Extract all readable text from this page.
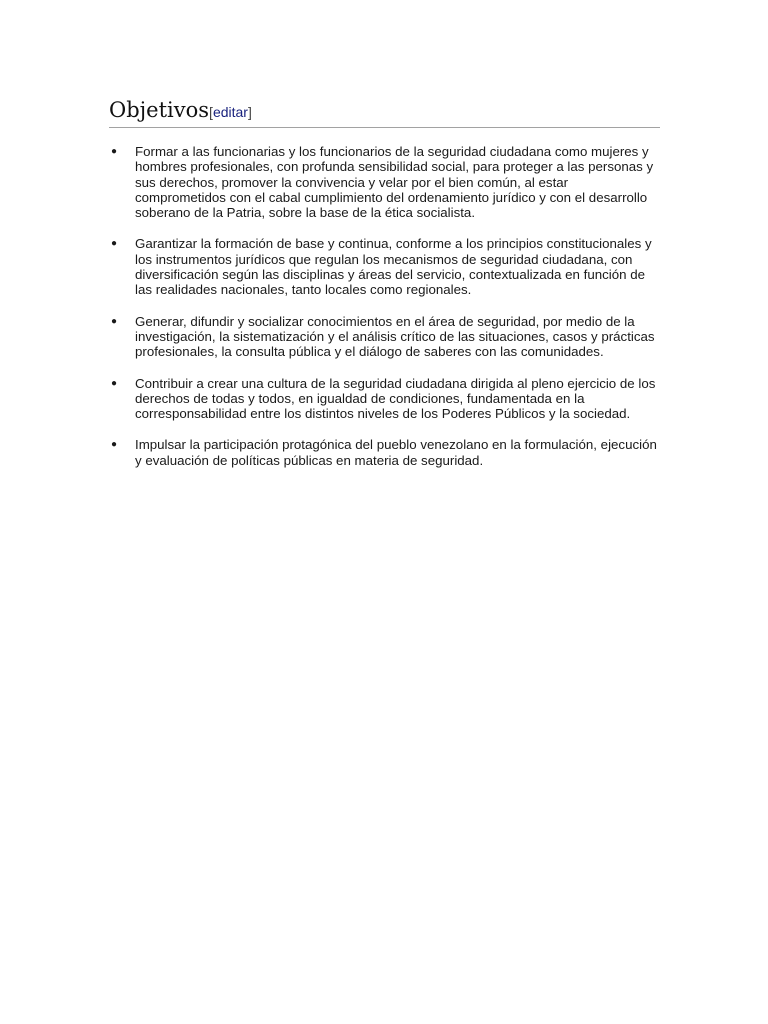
Objetivos[editar]
● Formar a las funcionarias y los funcionarios de la seguridad ciudadana como mujeres y hombres profesionales, con profunda sensibilidad social, para proteger a las personas y sus derechos, promover la convivencia y velar por el bien común, al estar comprometidos con el cabal cumplimiento del ordenamiento jurídico y con el desarrollo soberano de la Patria, sobre la base de la ética socialista.
● Garantizar la formación de base y continua, conforme a los principios constitucionales y los instrumentos jurídicos que regulan los mecanismos de seguridad ciudadana, con diversificación según las disciplinas y áreas del servicio, contextualizada en función de las realidades nacionales, tanto locales como regionales.
● Generar, difundir y socializar conocimientos en el área de seguridad, por medio de la investigación, la sistematización y el análisis crítico de las situaciones, casos y prácticas profesionales, la consulta pública y el diálogo de saberes con las comunidades.
● Contribuir a crear una cultura de la seguridad ciudadana dirigida al pleno ejercicio de los derechos de todas y todos, en igualdad de condiciones, fundamentada en la corresponsabilidad entre los distintos niveles de los Poderes Públicos y la sociedad.
● Impulsar la participación protagónica del pueblo venezolano en la formulación, ejecución y evaluación de políticas públicas en materia de seguridad.
